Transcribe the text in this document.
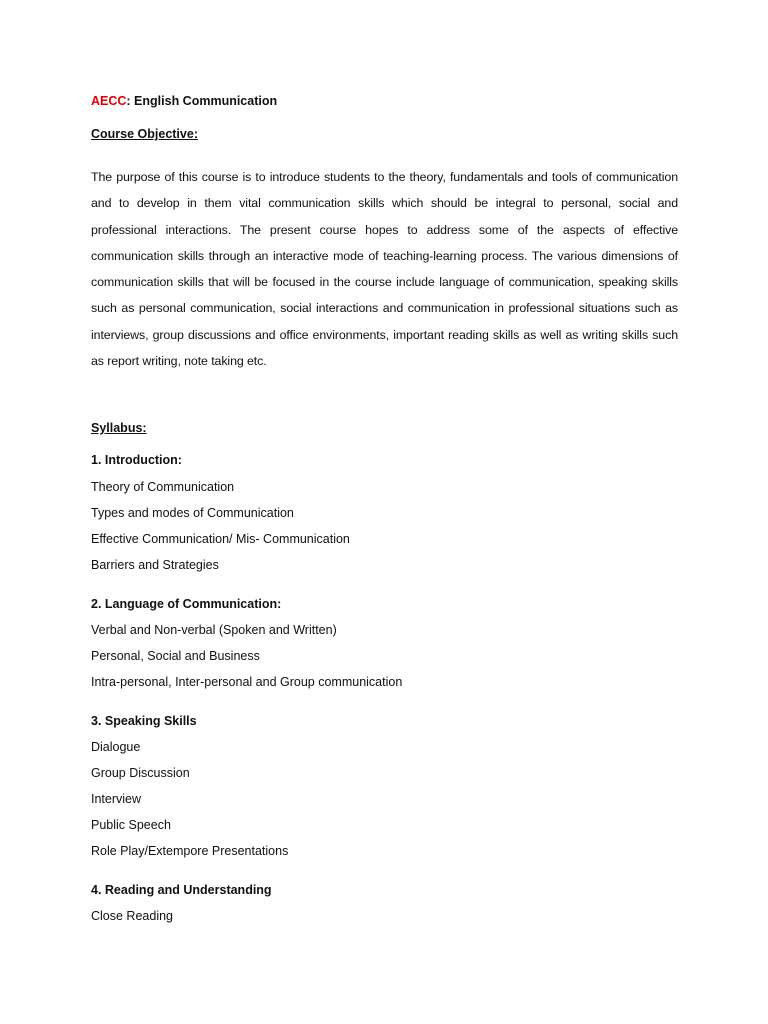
AECC: English Communication
Course Objective:
The purpose of this course is to introduce students to the theory, fundamentals and tools of communication and to develop in them vital communication skills which should be integral to personal, social and professional interactions. The present course hopes to address some of the aspects of effective communication skills through an interactive mode of teaching-learning process. The various dimensions of communication skills that will be focused in the course include language of communication, speaking skills such as personal communication, social interactions and communication in professional situations such as interviews, group discussions and office environments, important reading skills as well as writing skills such as report writing, note taking etc.
Syllabus:
1. Introduction:
Theory of Communication
Types and modes of Communication
Effective Communication/ Mis- Communication
Barriers and Strategies
2. Language of Communication:
Verbal and Non-verbal (Spoken and Written)
Personal, Social and Business
Intra-personal, Inter-personal and Group communication
3. Speaking Skills
Dialogue
Group Discussion
Interview
Public Speech
Role Play/Extempore Presentations
4. Reading and Understanding
Close Reading
